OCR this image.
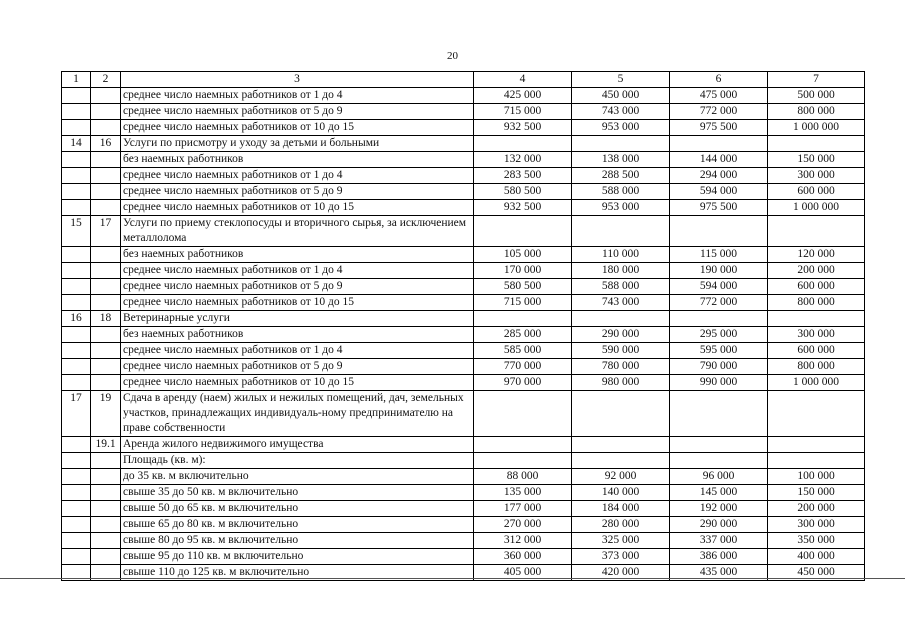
20
1	2	3	4	5	6	7
		среднее число наемных работников от 1 до 4	425 000	450 000	475 000	500 000
		среднее число наемных работников от 5 до 9	715 000	743 000	772 000	800 000
		среднее число наемных работников от 10 до 15	932 500	953 000	975 500	1 000 000
14	16	Услуги по присмотру и уходу за детьми и больными				
		без наемных работников	132 000	138 000	144 000	150 000
		среднее число наемных работников от 1 до 4	283 500	288 500	294 000	300 000
		среднее число наемных работников от 5 до 9	580 500	588 000	594 000	600 000
		среднее число наемных работников от 10 до 15	932 500	953 000	975 500	1 000 000
15	17	Услуги по приему стеклопосуды и вторичного сырья, за исключением металлолома				
		без наемных работников	105 000	110 000	115 000	120 000
		среднее число наемных работников от 1 до 4	170 000	180 000	190 000	200 000
		среднее число наемных работников от 5 до 9	580 500	588 000	594 000	600 000
		среднее число наемных работников от 10 до 15	715 000	743 000	772 000	800 000
16	18	Ветеринарные услуги				
		без наемных работников	285 000	290 000	295 000	300 000
		среднее число наемных работников от 1 до 4	585 000	590 000	595 000	600 000
		среднее число наемных работников от 5 до 9	770 000	780 000	790 000	800 000
		среднее число наемных работников от 10 до 15	970 000	980 000	990 000	1 000 000
17	19	Сдача в аренду (наем) жилых и нежилых помещений, дач, земельных участков, принадлежащих индивидуаль-ному предпринимателю на праве собственности				
	19.1	Аренда жилого недвижимого имущества				
		Площадь (кв. м):				
		до 35 кв. м включительно	88 000	92 000	96 000	100 000
		свыше 35 до 50 кв. м включительно	135 000	140 000	145 000	150 000
		свыше 50 до 65 кв. м включительно	177 000	184 000	192 000	200 000
		свыше 65 до 80 кв. м включительно	270 000	280 000	290 000	300 000
		свыше 80 до 95 кв. м включительно	312 000	325 000	337 000	350 000
		свыше 95 до 110 кв. м включительно	360 000	373 000	386 000	400 000
		свыше 110 до 125 кв. м включительно	405 000	420 000	435 000	450 000
